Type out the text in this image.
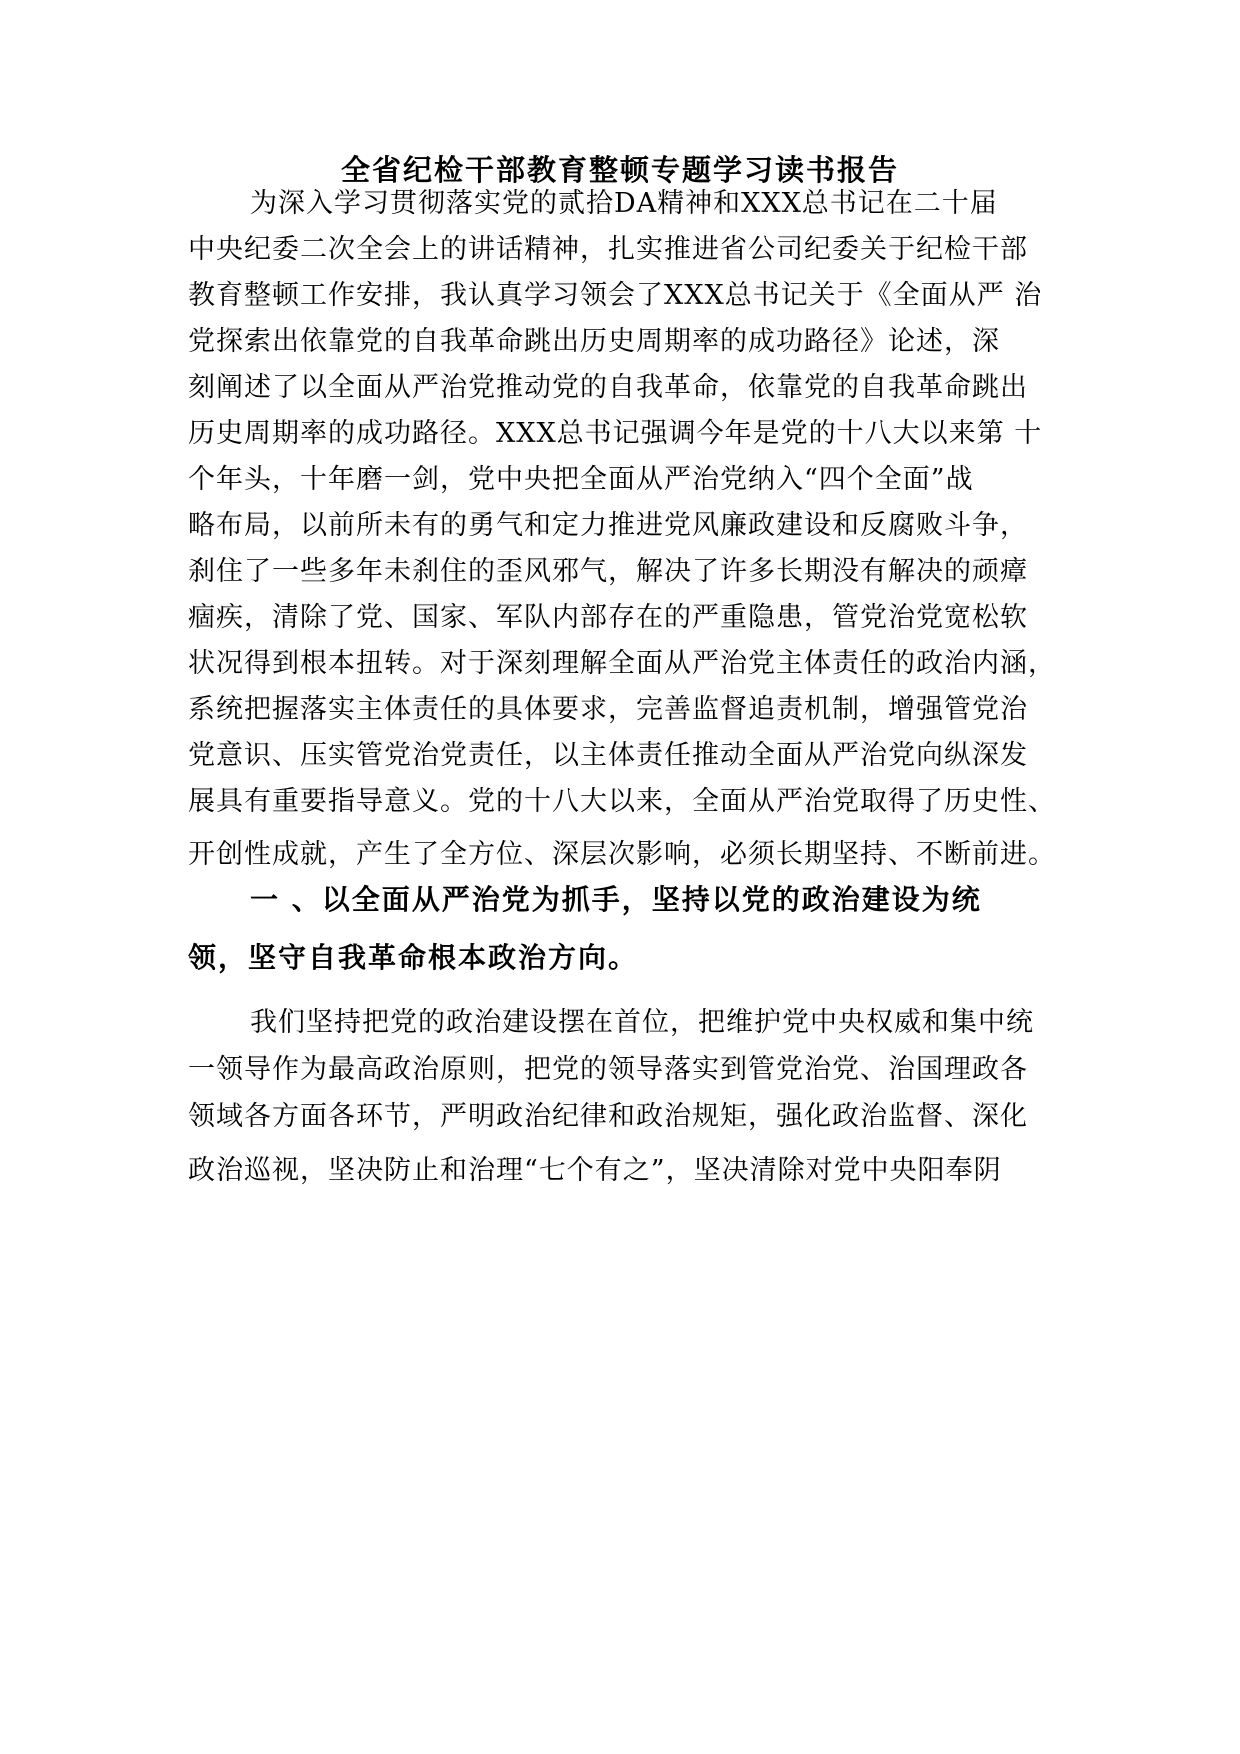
全省纪检干部教育整顿专题学习读书报告
为深入学习贯彻落实党的贰拾DA精神和XXX总书记在二十届
中央纪委二次全会上的讲话精神，扎实推进省公司纪委关于纪检干部
教育整顿工作安排，我认真学习领会了XXX总书记关于《全面从严 治
党探索出依靠党的自我革命跳出历史周期率的成功路径》论述，深
刻阐述了以全面从严治党推动党的自我革命，依靠党的自我革命跳出
历史周期率的成功路径。XXX总书记强调今年是党的十八大以来第 十
个年头，十年磨一剑，党中央把全面从严治党纳入“四个全面”战
略布局，以前所未有的勇气和定力推进党风廉政建设和反腐败斗争，
刹住了一些多年未刹住的歪风邪气，解决了许多长期没有解决的顽瘴
痼疾，清除了党、国家、军队内部存在的严重隐患，管党治党宽松软
状况得到根本扭转。对于深刻理解全面从严治党主体责任的政治内涵，
系统把握落实主体责任的具体要求，完善监督追责机制，增强管党治
党意识、压实管党治党责任，以主体责任推动全面从严治党向纵深发
展具有重要指导意义。党的十八大以来，全面从严治党取得了历史性、
开创性成就，产生了全方位、深层次影响，必须长期坚持、不断前进。
一 、以全面从严治党为抓手，坚持以党的政治建设为统
领，坚守自我革命根本政治方向。
我们坚持把党的政治建设摆在首位，把维护党中央权威和集中统
一领导作为最高政治原则，把党的领导落实到管党治党、治国理政各
领域各方面各环节，严明政治纪律和政治规矩，强化政治监督、深化
政治巡视，坚决防止和治理“七个有之”，坚决清除对党中央阳奉阴
